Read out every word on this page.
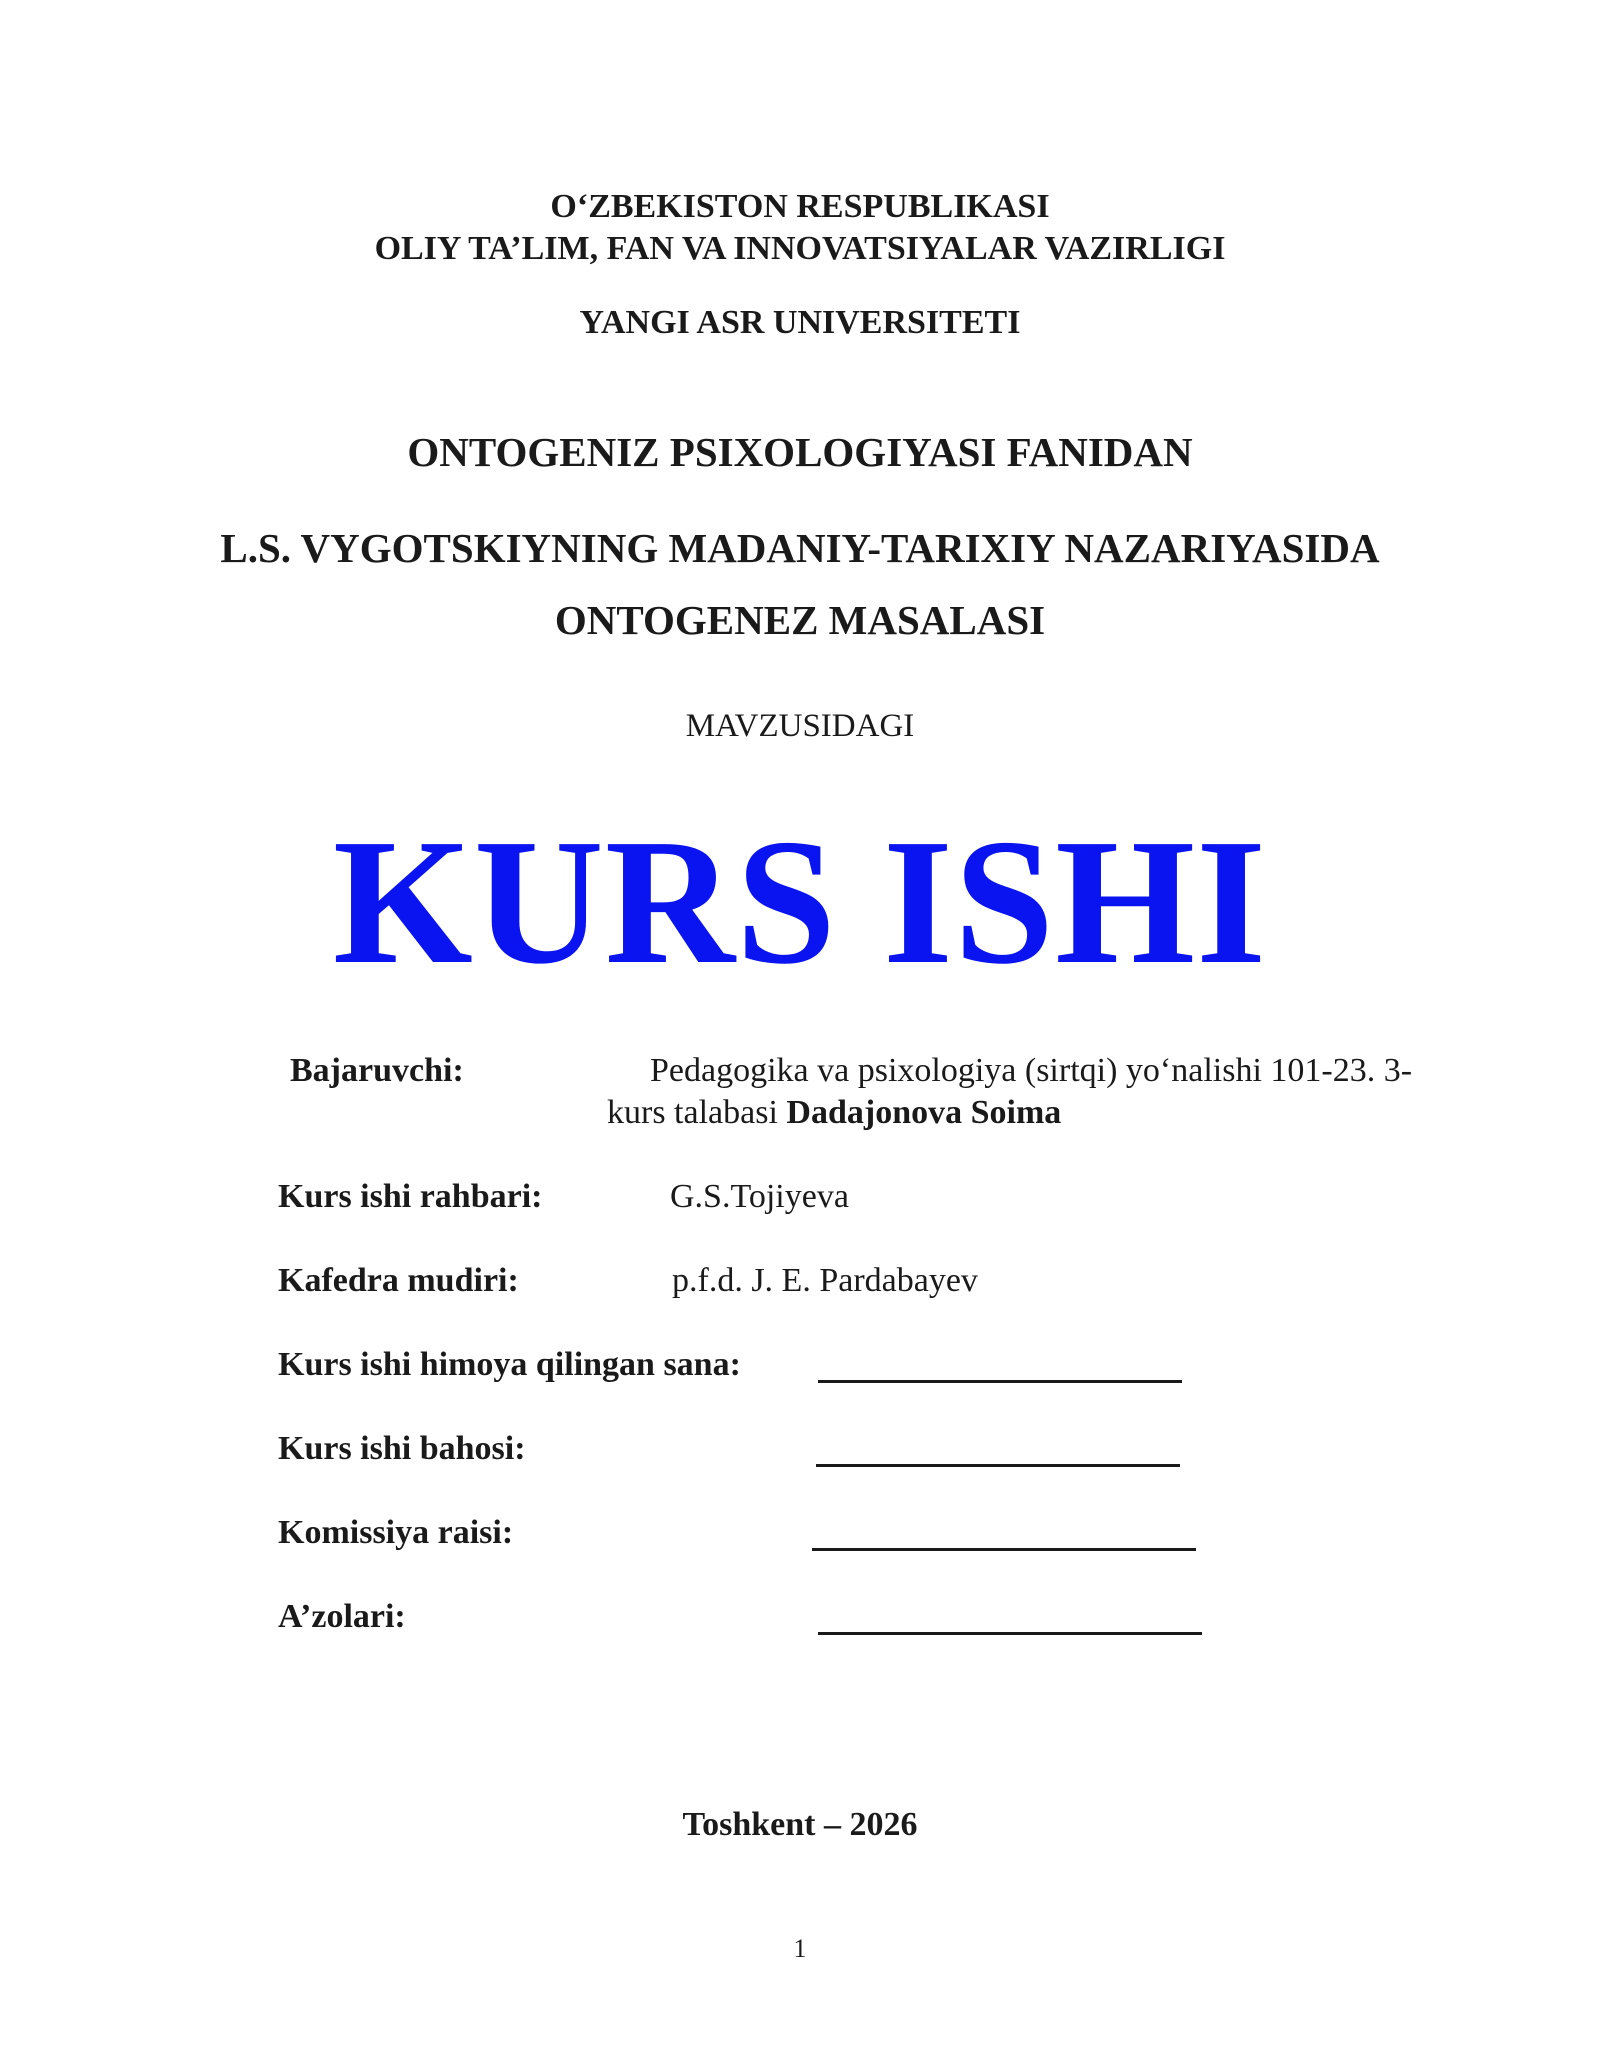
O‘ZBEKISTON RESPUBLIKASI
OLIY TA’LIM, FAN VA INNOVATSIYALAR VAZIRLIGI
YANGI ASR UNIVERSITETI
ONTOGENIZ PSIXOLOGIYASI FANIDAN
L.S. VYGOTSKIYNING MADANIY-TARIXIY NAZARIYASIDA
ONTOGENEZ MASALASI
MAVZUSIDAGI
KURS ISHI
Bajaruvchi:	Pedagogika va psixologiya (sirtqi) yo‘nalishi 101-23. 3-
kurs talabasi Dadajonova Soima
Kurs ishi rahbari:	G.S.Tojiyeva
Kafedra mudiri:	p.f.d. J. E. Pardabayev
Kurs ishi himoya qilingan sana:
Kurs ishi bahosi:
Komissiya raisi:
A’zolari:
Toshkent – 2026
1
